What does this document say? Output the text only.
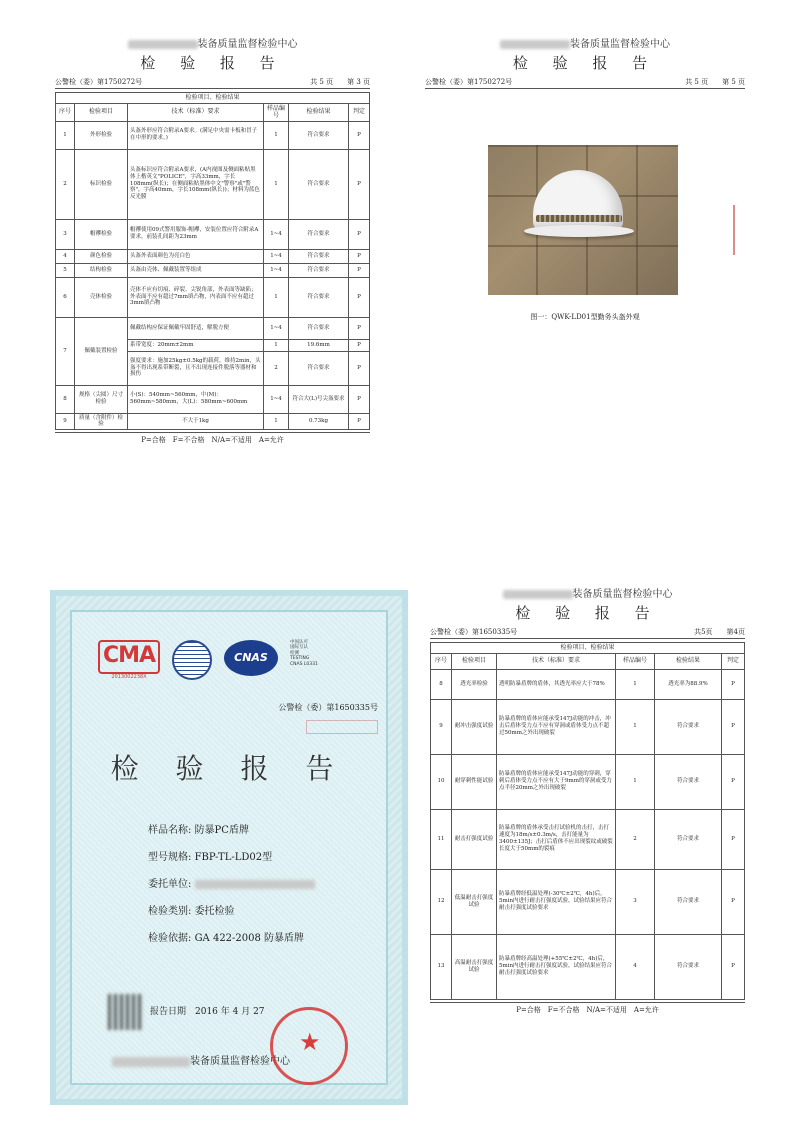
装备质量监督检验中心
检 验 报 告
公警检（委）第1750272号	共 5 页　　第 3 页
检验项目、检验结果					
序号	检验项目	技术（标准）要求	样品编号	检验结果	判定
1	外形检验	头盔外形应符合附录A要求。(满足中央需卡板和冒子在中形的要求。)	1	符合要求	P
2	标识检验	头盔标识应符合附录A要求，(A内视图及侧面粘贴黑体上楷英文"POLICE"，字高33mm，字长108mm(纵长)；在侧面粘贴黑体中文"警察"或"警察"，字高40mm，字长108mm(纵长))；材料为蓝色反光膜	1	符合要求	P
3	帽襻检验	帽襻使用09式警用服饰-帽襻，安装位置应符合附录A要求，前装孔间距为23mm	1~4	符合要求	P
4	颜色检验	头盔外表面颜色为亮白色	1~4	符合要求	P
5	结构检验	头盔由壳体、佩戴装置等组成	1~4	符合要求	P
6	壳体检验	壳体不应有切痕、碎裂、尖锐角部，外表面等缺陷；外表面不应有超过7mm填凸物，内表面不应有超过3mm填凸物	1	符合要求	P
7	佩戴装置检验	佩戴结构应保证佩戴牢固舒适，解脱方便	1~4	符合要求	P
		系带宽度：20mm±2mm	1	19.6mm	P
		强度要求：施加25kg±0.5kg的载荷，维持2min，头盔不得出现系带断裂，且不出现连接件脱落等器材和损伤	2	符合要求	P
8	规格（尖圆）尺寸检验	小(S)：540mm~560mm，中(M)：560mm~580mm，大(L)：580mm~600mm	1~4	符合大(L)号尖盔要求	P
9	质量（含附件）检验	不大于1kg	1	0.73kg	P
P=合格　F=不合格　N/A=不适用　A=允许
装备质量监督检验中心
检 验 报 告
公警检（委）第1750272号	共 5 页　　第 5 页
图一：QWK-LD01型勤务头盔外观
CMA
2013002238X
CNAS
中国认可
国际互认
检测
TESTING
CNAS L0331
公警检（委）第1650335号
检 验 报 告
样品名称: 防暴PC盾牌
型号规格: FBP-TL-LD02型
委托单位:
检验类别: 委托检验
检验依据: GA 422-2008 防暴盾牌
报告日期　2016 年 4 月 27
装备质量监督检验中心
★
装备质量监督检验中心
检 验 报 告
公警检（委）第1650335号	共5页　　第4页
检验项目、检验结果					
序号	检验项目	技术（标准）要求	样品编号	检验结果	判定
8	透光率检验	透明防暴盾牌的盾体，其透光率应大于78%	1	透光率为88.9%	P
9	耐冲击强度试验	防暴盾牌的盾体应能承受147J动能的冲击，冲击后盾体受力点不应有穿洞或盾体受力点不超过50mm之外出现破裂	1	符合要求	P
10	耐穿刺性能试验	防暴盾牌的盾体应能承受147J动能的穿刺，穿刺后盾体受力点不应有大于9mm的穿洞或受力点半径20mm之外出现破裂	1	符合要求	P
11	耐击打强度试验	防暴盾牌的盾体承受击打试验机的击打，击打速度为18m/s±0.3m/s，击打能量为3400±135J；击打后盾体不应出现裂纹或破裂长度大于50mm的裂痕	2	符合要求	P
12	低温耐击打强度试验	防暴盾牌经低温处理(-30℃±2℃，4h)后，5min内进行耐击打强度试验，试验结果应符合耐击打强度试验要求	3	符合要求	P
13	高温耐击打强度试验	防暴盾牌经高温处理(+55℃±2℃，4h)后，5min内进行耐击打强度试验，试验结果应符合耐击打强度试验要求	4	符合要求	P
P=合格　F=不合格　N/A=不适用　A=允许
